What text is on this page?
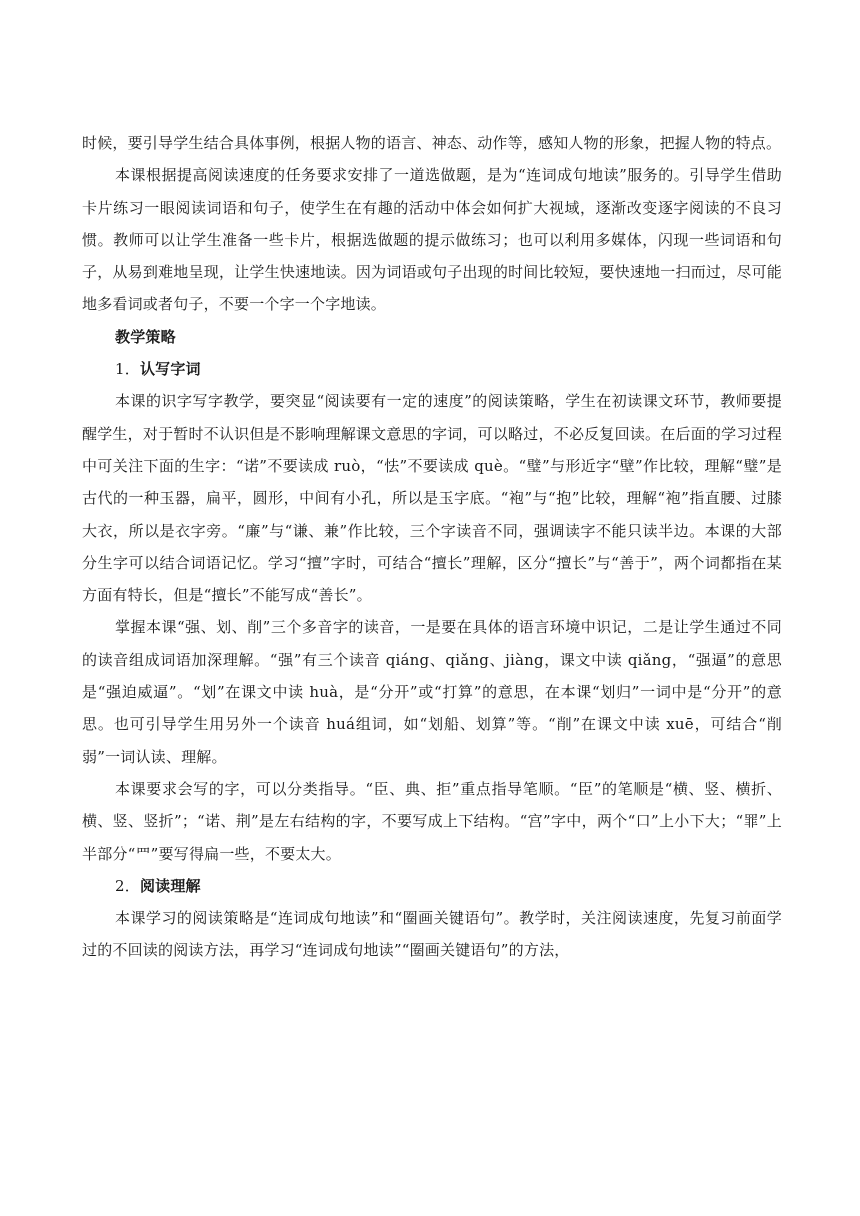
时候，要引导学生结合具体事例，根据人物的语言、神态、动作等，感知人物的形象，把握人物的特点。

本课根据提高阅读速度的任务要求安排了一道选做题，是为“连词成句地读”服务的。引导学生借助卡片练习一眼阅读词语和句子，使学生在有趣的活动中体会如何扩大视域，逐渐改变逐字阅读的不良习惯。教师可以让学生准备一些卡片，根据选做题的提示做练习；也可以利用多媒体，闪现一些词语和句子，从易到难地呈现，让学生快速地读。因为词语或句子出现的时间比较短，要快速地一扫而过，尽可能地多看词或者句子，不要一个字一个字地读。

教学策略

1．认写字词

本课的识字写字教学，要突显“阅读要有一定的速度”的阅读策略，学生在初读课文环节，教师要提醒学生，对于暂时不认识但是不影响理解课文意思的字词，可以略过，不必反复回读。在后面的学习过程中可关注下面的生字：“诺”不要读成 ruò，“怯”不要读成 què。“璧”与形近字“壁”作比较，理解“璧”是古代的一种玉器，扁平，圆形，中间有小孔，所以是玉字底。“袍”与“抱”比较，理解“袍”指直腰、过膝大衣，所以是衣字旁。“廉”与“谦、兼”作比较，三个字读音不同，强调读字不能只读半边。本课的大部分生字可以结合词语记忆。学习“擅”字时，可结合“擅长”理解，区分“擅长”与“善于”，两个词都指在某方面有特长，但是“擅长”不能写成“善长”。

掌握本课“强、划、削”三个多音字的读音，一是要在具体的语言环境中识记，二是让学生通过不同的读音组成词语加深理解。“强”有三个读音 qiáng、qiǎng、jiàng，课文中读 qiǎng，“强逼”的意思是“强迫威逼”。“划”在课文中读 huà，是“分开”或“打算”的意思，在本课“划归”一词中是“分开”的意思。也可引导学生用另外一个读音 huá组词，如“划船、划算”等。“削”在课文中读 xuē，可结合“削弱”一词认读、理解。

本课要求会写的字，可以分类指导。“臣、典、拒”重点指导笔顺。“臣”的笔顺是“横、竖、横折、横、竖、竖折”；“诺、荆”是左右结构的字，不要写成上下结构。“宫”字中，两个“口”上小下大；“罪”上半部分“罒”要写得扁一些，不要太大。

2．阅读理解

本课学习的阅读策略是“连词成句地读”和“圈画关键语句”。教学时，关注阅读速度，先复习前面学过的不回读的阅读方法，再学习“连词成句地读”“圈画关键语句”的方法，
